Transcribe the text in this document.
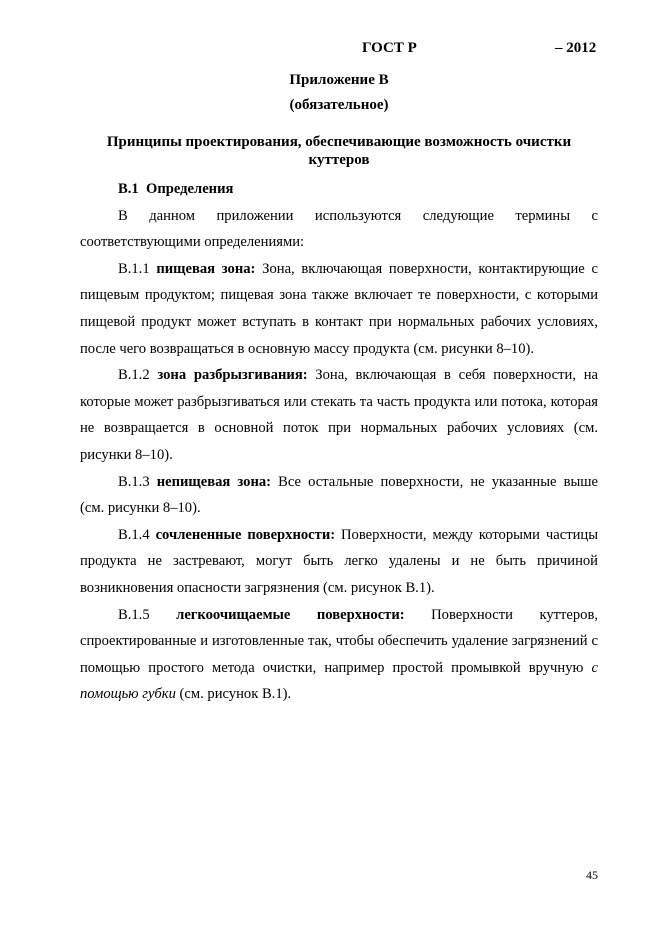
ГОСТ Р	– 2012
Приложение В
(обязательное)
Принципы проектирования, обеспечивающие возможность очистки куттеров

В.1 Определения

В данном приложении используются следующие термины с соответствующими определениями:

В.1.1 пищевая зона: Зона, включающая поверхности, контактирующие с пищевым продуктом; пищевая зона также включает те поверхности, с которыми пищевой продукт может вступать в контакт при нормальных рабочих условиях, после чего возвращаться в основную массу продукта (см. рисунки 8–10).

В.1.2 зона разбрызгивания: Зона, включающая в себя поверхности, на которые может разбрызгиваться или стекать та часть продукта или потока, которая не возвращается в основной поток при нормальных рабочих условиях (см. рисунки 8–10).

В.1.3 непищевая зона: Все остальные поверхности, не указанные выше (см. рисунки 8–10).

В.1.4 сочлененные поверхности: Поверхности, между которыми частицы продукта не застревают, могут быть легко удалены и не быть причиной возникновения опасности загрязнения (см. рисунок В.1).

В.1.5 легкоочищаемые поверхности: Поверхности куттеров, спроектированные и изготовленные так, чтобы обеспечить удаление загрязнений с помощью простого метода очистки, например простой промывкой вручную с помощью губки (см. рисунок В.1).

45
